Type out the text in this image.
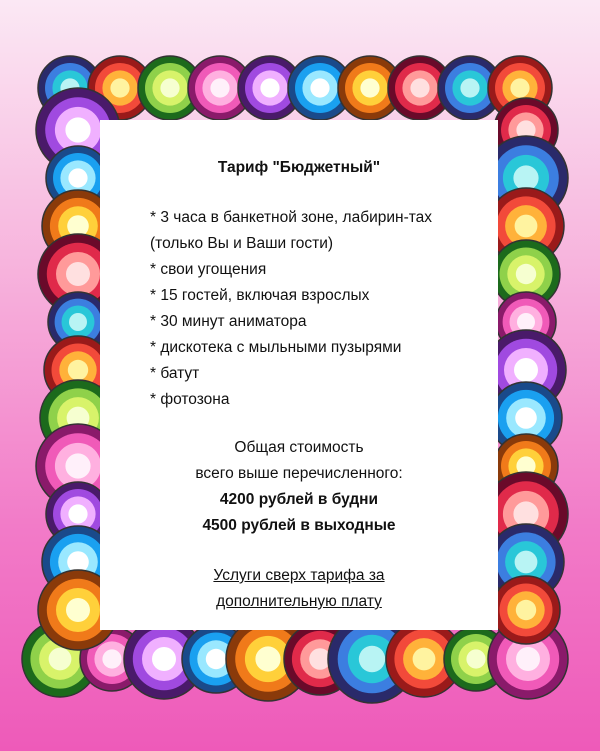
Тариф "Бюджетный"

* 3 часа в банкетной зоне, лабирин-тах

(только Вы и Ваши гости)

* свои угощения

* 15 гостей, включая взрослых

* 30 минут аниматора

* дискотека с мыльными пузырями

* батут

* фотозона

Общая стоимость

всего выше перечисленного:

4200 рублей в будни

4500 рублей в выходные

Услуги сверх тарифа за

дополнительную плату
